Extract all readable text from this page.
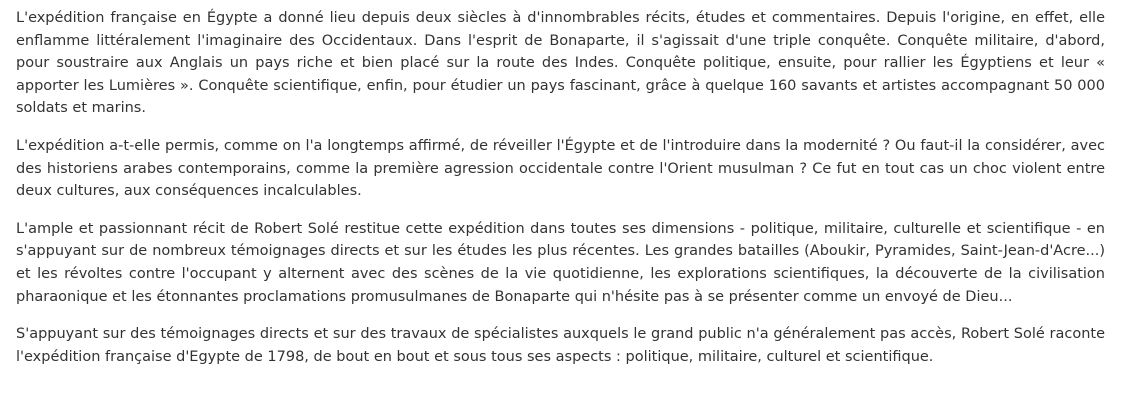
L'expédition française en Égypte a donné lieu depuis deux siècles à d'innombrables récits, études et commentaires. Depuis l'origine, en effet, elle enflamme littéralement l'imaginaire des Occidentaux. Dans l'esprit de Bonaparte, il s'agissait d'une triple conquête. Conquête militaire, d'abord, pour soustraire aux Anglais un pays riche et bien placé sur la route des Indes. Conquête politique, ensuite, pour rallier les Égyptiens et leur « apporter les Lumières ». Conquête scientifique, enfin, pour étudier un pays fascinant, grâce à quelque 160 savants et artistes accompagnant 50 000 soldats et marins.

L'expédition a-t-elle permis, comme on l'a longtemps affirmé, de réveiller l'Égypte et de l'introduire dans la modernité ? Ou faut-il la considérer, avec des historiens arabes contemporains, comme la première agression occidentale contre l'Orient musulman ? Ce fut en tout cas un choc violent entre deux cultures, aux conséquences incalculables.

L'ample et passionnant récit de Robert Solé restitue cette expédition dans toutes ses dimensions - politique, militaire, culturelle et scientifique - en s'appuyant sur de nombreux témoignages directs et sur les études les plus récentes. Les grandes batailles (Aboukir, Pyramides, Saint-Jean-d'Acre...) et les révoltes contre l'occupant y alternent avec des scènes de la vie quotidienne, les explorations scientifiques, la découverte de la civilisation pharaonique et les étonnantes proclamations promusulmanes de Bonaparte qui n'hésite pas à se présenter comme un envoyé de Dieu...

S'appuyant sur des témoignages directs et sur des travaux de spécialistes auxquels le grand public n'a généralement pas accès, Robert Solé raconte l'expédition française d'Egypte de 1798, de bout en bout et sous tous ses aspects : politique, militaire, culturel et scientifique.
